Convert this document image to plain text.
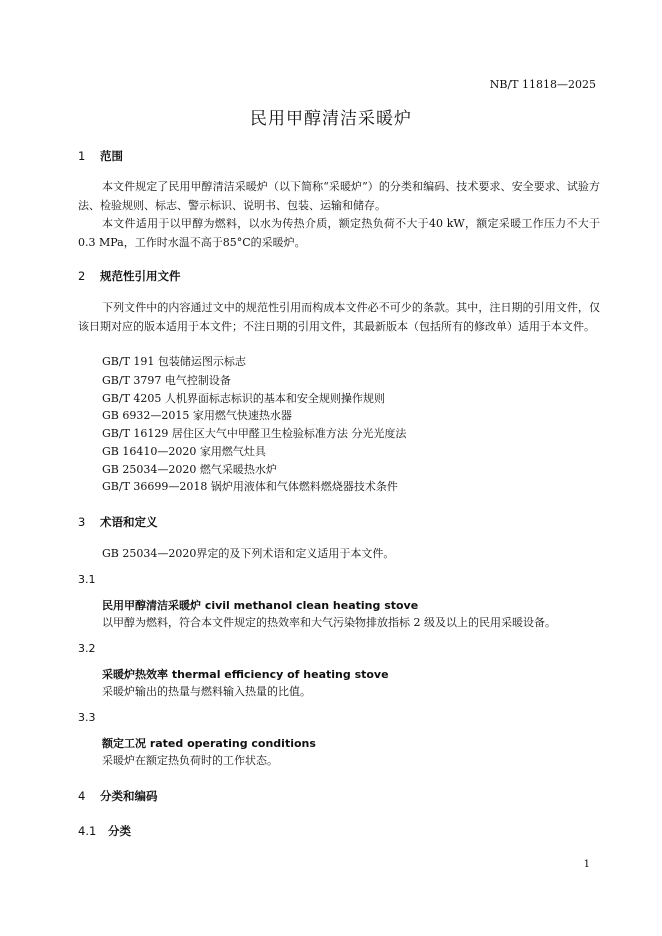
NB/T 11818—2025
民用甲醇清洁采暖炉
1 范围
本文件规定了民用甲醇清洁采暖炉（以下简称“采暖炉”）的分类和编码、技术要求、安全要求、试验方法、检验规则、标志、警示标识、说明书、包装、运输和储存。
本文件适用于以甲醇为燃料，以水为传热介质，额定热负荷不大于40 kW，额定采暖工作压力不大于0.3 MPa，工作时水温不高于85°C的采暖炉。
2 规范性引用文件
下列文件中的内容通过文中的规范性引用而构成本文件必不可少的条款。其中，注日期的引用文件，仅该日期对应的版本适用于本文件；不注日期的引用文件，其最新版本（包括所有的修改单）适用于本文件。
GB/T 191 包装储运图示标志
GB/T 3797 电气控制设备
GB/T 4205 人机界面标志标识的基本和安全规则操作规则
GB 6932—2015 家用燃气快速热水器
GB/T 16129 居住区大气中甲醛卫生检验标准方法 分光光度法
GB 16410—2020 家用燃气灶具
GB 25034—2020 燃气采暖热水炉
GB/T 36699—2018 锅炉用液体和气体燃料燃烧器技术条件
3 术语和定义
GB 25034—2020界定的及下列术语和定义适用于本文件。
3.1
民用甲醇清洁采暖炉 civil methanol clean heating stove
以甲醇为燃料，符合本文件规定的热效率和大气污染物排放指标 2 级及以上的民用采暖设备。
3.2
采暖炉热效率 thermal efficiency of heating stove
采暖炉输出的热量与燃料输入热量的比值。
3.3
额定工况 rated operating conditions
采暖炉在额定热负荷时的工作状态。
4 分类和编码
4.1 分类
1
